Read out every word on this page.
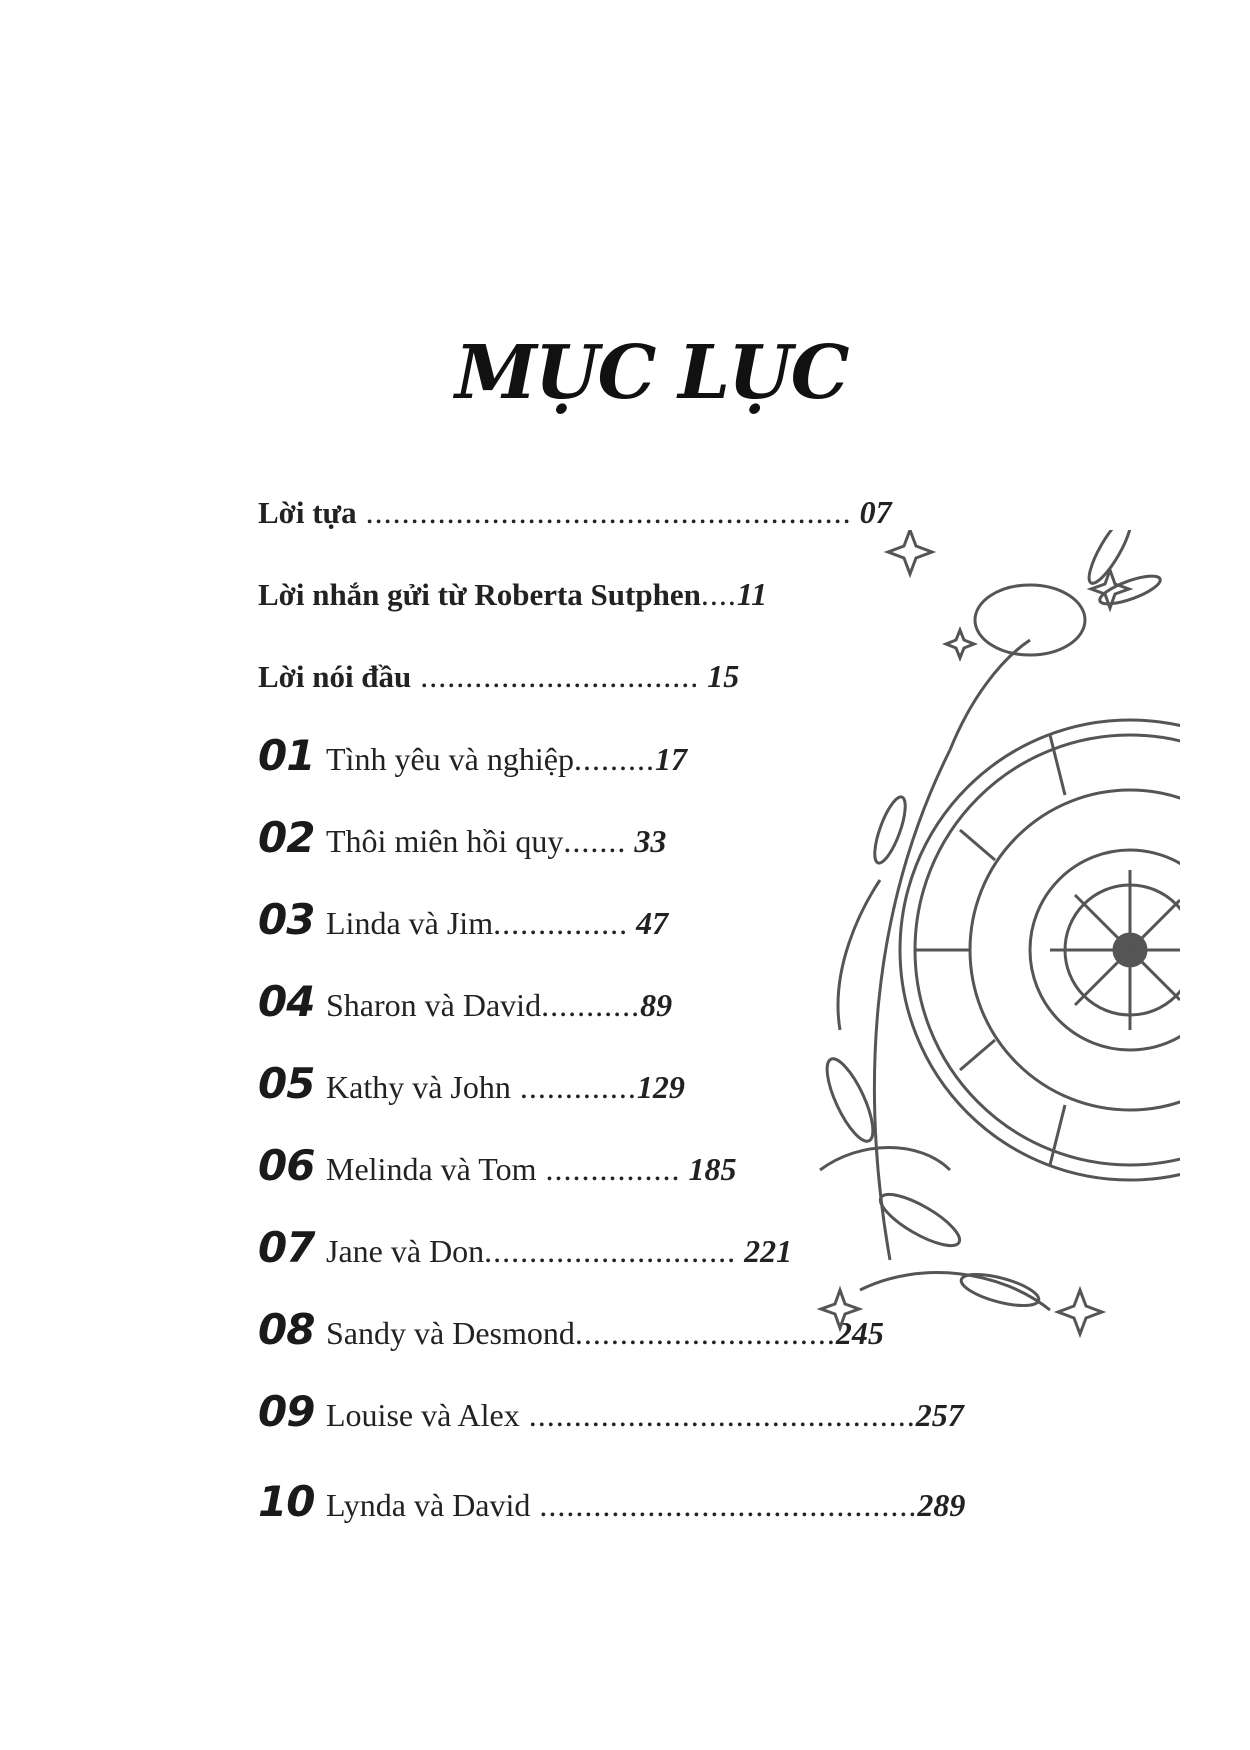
MỤC LỤC
Lời tựa ...................................................... 07
Lời nhắn gửi từ Roberta Sutphen....11
Lời nói đầu ............................... 15
01 Tình yêu và nghiệp.........17
02 Thôi miên hồi quy....... 33
03 Linda và Jim............... 47
04 Sharon và David...........89
05 Kathy và John .............129
06 Melinda và Tom ............... 185
07 Jane và Don............................ 221
08 Sandy và Desmond.............................245
09 Louise và Alex ...........................................257
10 Lynda và David ..........................................289
